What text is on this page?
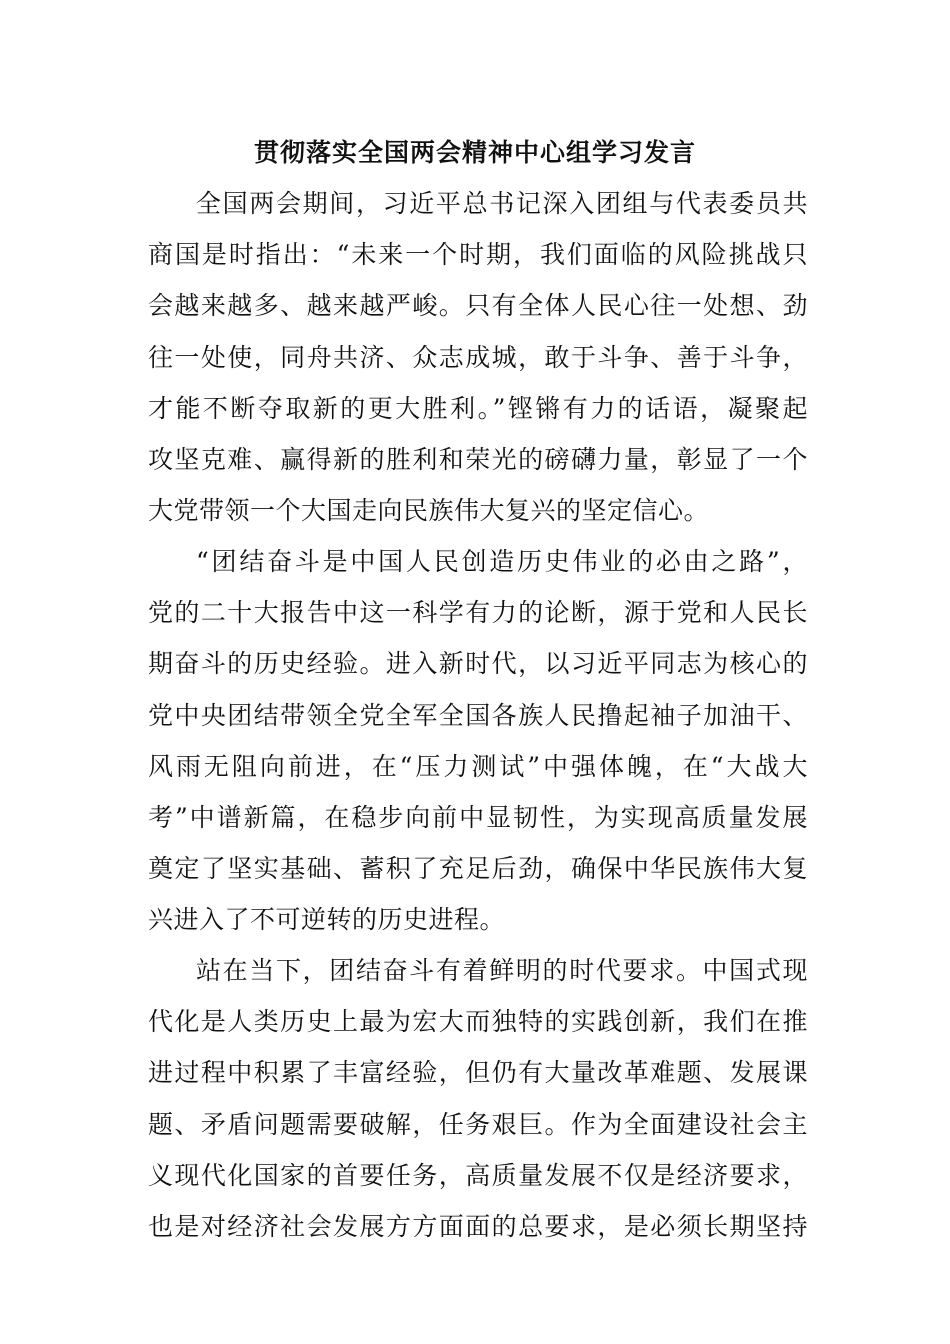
贯彻落实全国两会精神中心组学习发言
全国两会期间，习近平总书记深入团组与代表委员共
商国是时指出：“未来一个时期，我们面临的风险挑战只
会越来越多、越来越严峻。只有全体人民心往一处想、劲
往一处使，同舟共济、众志成城，敢于斗争、善于斗争，
才能不断夺取新的更大胜利。”铿锵有力的话语，凝聚起
攻坚克难、赢得新的胜利和荣光的磅礴力量，彰显了一个
大党带领一个大国走向民族伟大复兴的坚定信心。
“团结奋斗是中国人民创造历史伟业的必由之路”，
党的二十大报告中这一科学有力的论断，源于党和人民长
期奋斗的历史经验。进入新时代，以习近平同志为核心的
党中央团结带领全党全军全国各族人民撸起袖子加油干、
风雨无阻向前进，在“压力测试”中强体魄，在“大战大
考”中谱新篇，在稳步向前中显韧性，为实现高质量发展
奠定了坚实基础、蓄积了充足后劲，确保中华民族伟大复
兴进入了不可逆转的历史进程。
站在当下，团结奋斗有着鲜明的时代要求。中国式现
代化是人类历史上最为宏大而独特的实践创新，我们在推
进过程中积累了丰富经验，但仍有大量改革难题、发展课
题、矛盾问题需要破解，任务艰巨。作为全面建设社会主
义现代化国家的首要任务，高质量发展不仅是经济要求，
也是对经济社会发展方方面面的总要求，是必须长期坚持
